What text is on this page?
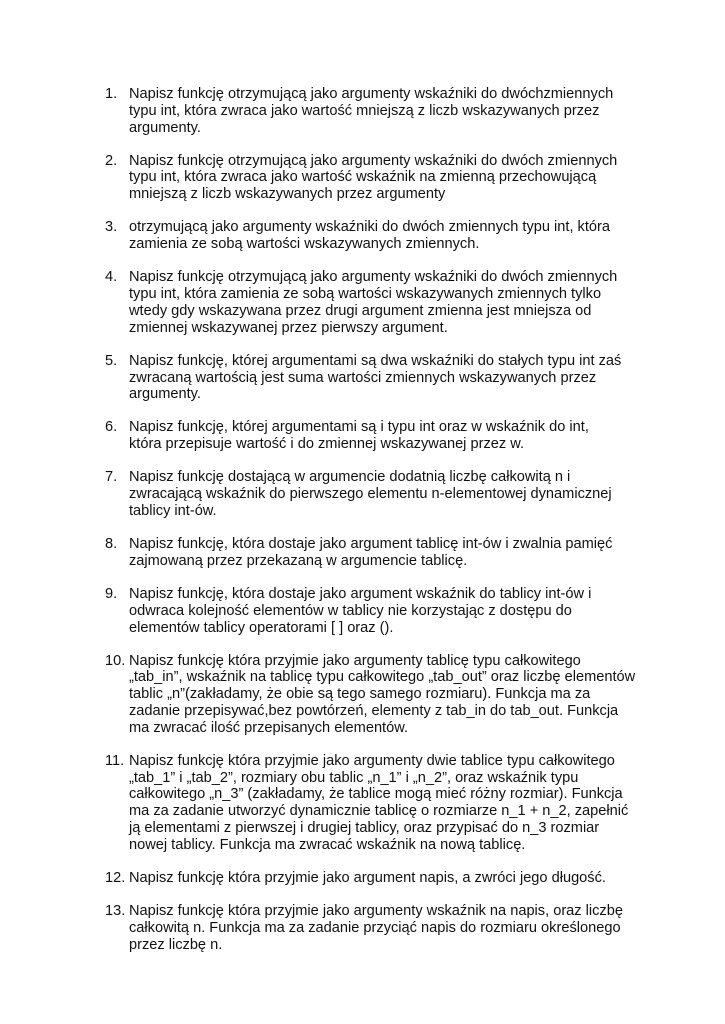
1. Napisz funkcję otrzymującą jako argumenty wskaźniki do dwóchzmiennych
typu int, która zwraca jako wartość mniejszą z liczb wskazywanych przez
argumenty.
2. Napisz funkcję otrzymującą jako argumenty wskaźniki do dwóch zmiennych
typu int, która zwraca jako wartość wskaźnik na zmienną przechowującą
mniejszą z liczb wskazywanych przez argumenty
3. otrzymującą jako argumenty wskaźniki do dwóch zmiennych typu int, która
zamienia ze sobą wartości wskazywanych zmiennych.
4. Napisz funkcję otrzymującą jako argumenty wskaźniki do dwóch zmiennych
typu int, która zamienia ze sobą wartości wskazywanych zmiennych tylko
wtedy gdy wskazywana przez drugi argument zmienna jest mniejsza od
zmiennej wskazywanej przez pierwszy argument.
5. Napisz funkcję, której argumentami są dwa wskaźniki do stałych typu int zaś
zwracaną wartością jest suma wartości zmiennych wskazywanych przez
argumenty.
6. Napisz funkcję, której argumentami są i typu int oraz w wskaźnik do int,
która przepisuje wartość i do zmiennej wskazywanej przez w.
7. Napisz funkcję dostającą w argumencie dodatnią liczbę całkowitą n i
zwracającą wskaźnik do pierwszego elementu n-elementowej dynamicznej
tablicy int-ów.
8. Napisz funkcję, która dostaje jako argument tablicę int-ów i zwalnia pamięć
zajmowaną przez przekazaną w argumencie tablicę.
9. Napisz funkcję, która dostaje jako argument wskaźnik do tablicy int-ów i
odwraca kolejność elementów w tablicy nie korzystając z dostępu do
elementów tablicy operatorami [ ] oraz ().
10. Napisz funkcję która przyjmie jako argumenty tablicę typu całkowitego
„tab_in”, wskaźnik na tablicę typu całkowitego „tab_out” oraz liczbę elementów
tablic „n”(zakładamy, że obie są tego samego rozmiaru). Funkcja ma za
zadanie przepisywać,bez powtórzeń, elementy z tab_in do tab_out. Funkcja
ma zwracać ilość przepisanych elementów.
11. Napisz funkcję która przyjmie jako argumenty dwie tablice typu całkowitego
„tab_1” i „tab_2”, rozmiary obu tablic „n_1” i „n_2”, oraz wskaźnik typu
całkowitego „n_3” (zakładamy, że tablice mogą mieć różny rozmiar). Funkcja
ma za zadanie utworzyć dynamicznie tablicę o rozmiarze n_1 + n_2, zapełnić
ją elementami z pierwszej i drugiej tablicy, oraz przypisać do n_3 rozmiar
nowej tablicy. Funkcja ma zwracać wskaźnik na nową tablicę.
12. Napisz funkcję która przyjmie jako argument napis, a zwróci jego długość.
13. Napisz funkcję która przyjmie jako argumenty wskaźnik na napis, oraz liczbę
całkowitą n. Funkcja ma za zadanie przyciąć napis do rozmiaru określonego
przez liczbę n.
